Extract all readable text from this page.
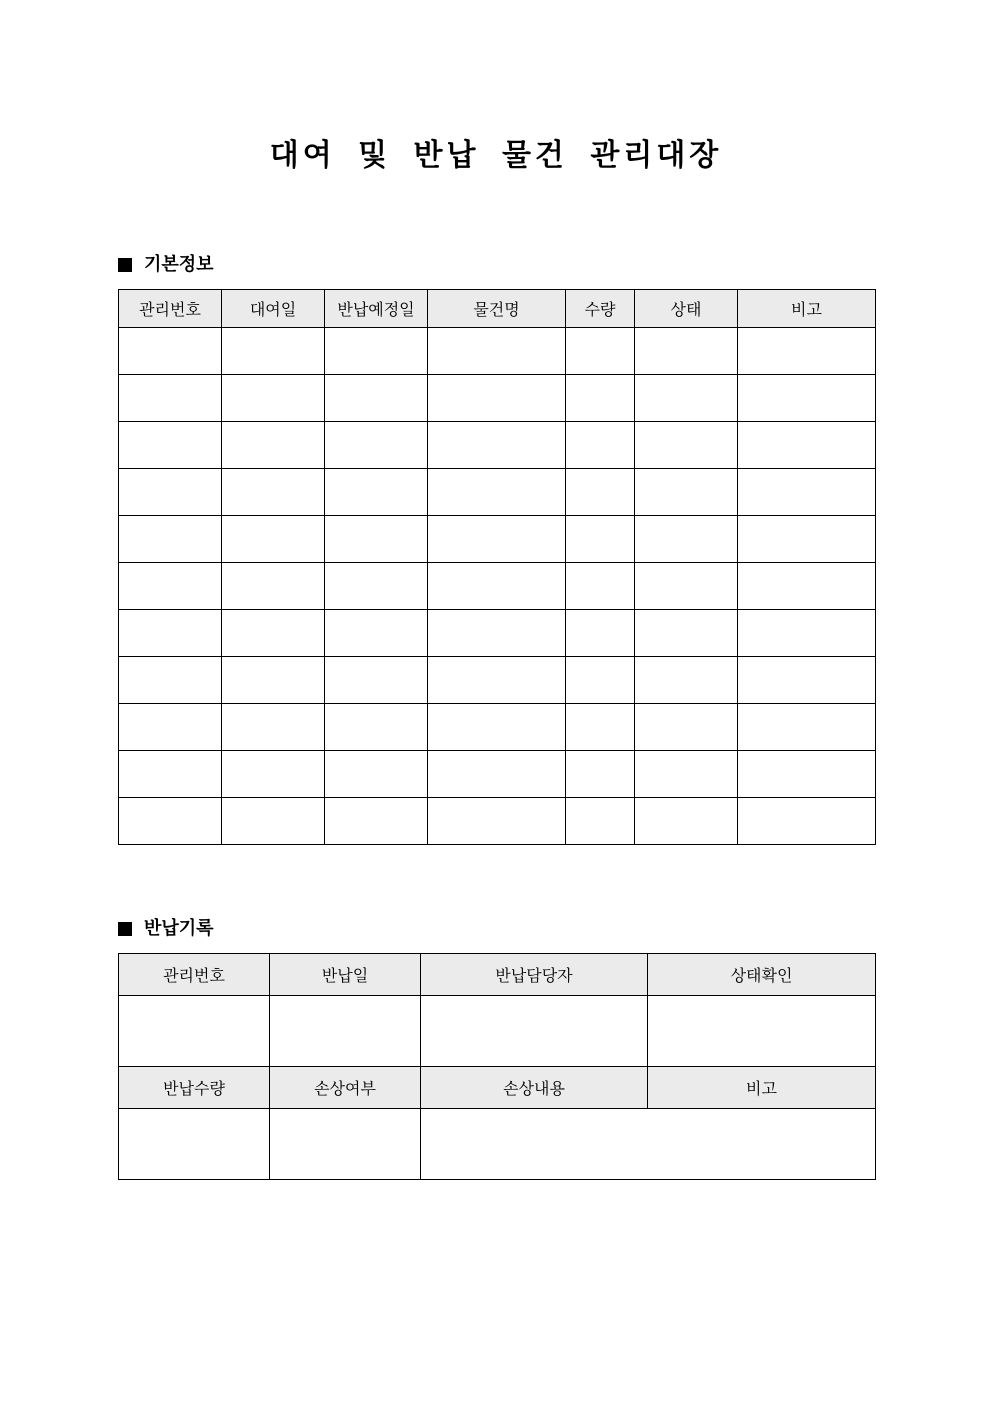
대여 및 반납 물건 관리대장
기본정보
관리번호	대여일	반납예정일	물건명	수량	상태	비고

반납기록
관리번호	반납일	반납담당자	상태확인

반납수량	손상여부	손상내용	비고
